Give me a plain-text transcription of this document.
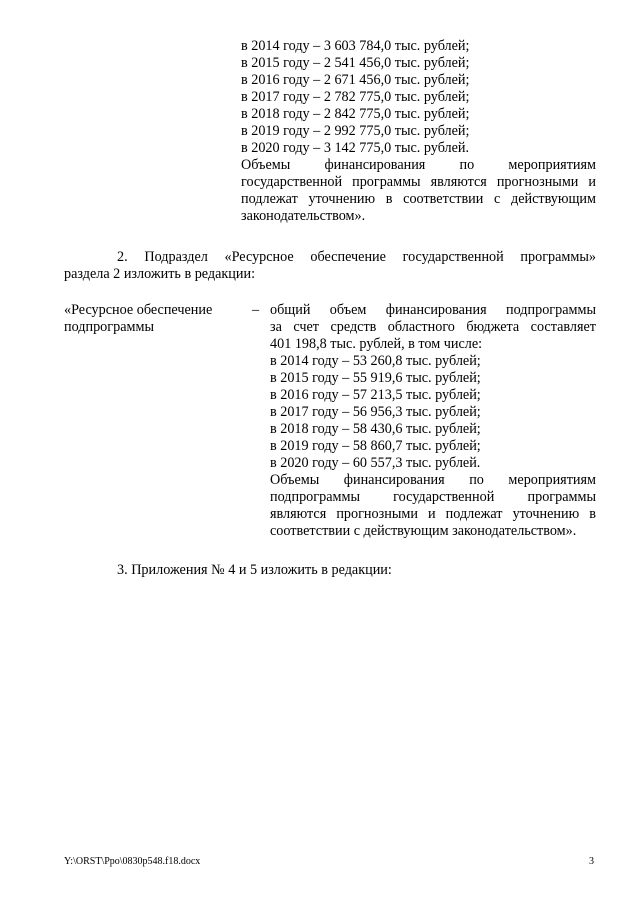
в 2014 году – 3 603 784,0 тыс. рублей;
в 2015 году – 2 541 456,0 тыс. рублей;
в 2016 году – 2 671 456,0 тыс. рублей;
в 2017 году – 2 782 775,0 тыс. рублей;
в 2018 году – 2 842 775,0 тыс. рублей;
в 2019 году – 2 992 775,0 тыс. рублей;
в 2020 году – 3 142 775,0 тыс. рублей.
Объемы финансирования по мероприятиям
государственной программы являются прогнозными и
подлежат уточнению в соответствии с действующим
законодательством».
2. Подраздел «Ресурсное обеспечение государственной программы»
раздела 2 изложить в редакции:
«Ресурсное обеспечение
подпрограммы
– общий объем финансирования подпрограммы
за счет средств областного бюджета составляет
401 198,8 тыс. рублей, в том числе:
в 2014 году – 53 260,8 тыс. рублей;
в 2015 году – 55 919,6 тыс. рублей;
в 2016 году – 57 213,5 тыс. рублей;
в 2017 году – 56 956,3 тыс. рублей;
в 2018 году – 58 430,6 тыс. рублей;
в 2019 году – 58 860,7 тыс. рублей;
в 2020 году – 60 557,3 тыс. рублей.
Объемы финансирования по мероприятиям
подпрограммы государственной программы
являются прогнозными и подлежат уточнению в
соответствии с действующим законодательством».
3. Приложения № 4 и 5 изложить в редакции:
Y:\ORST\Ppo\0830p548.f18.docx	3
